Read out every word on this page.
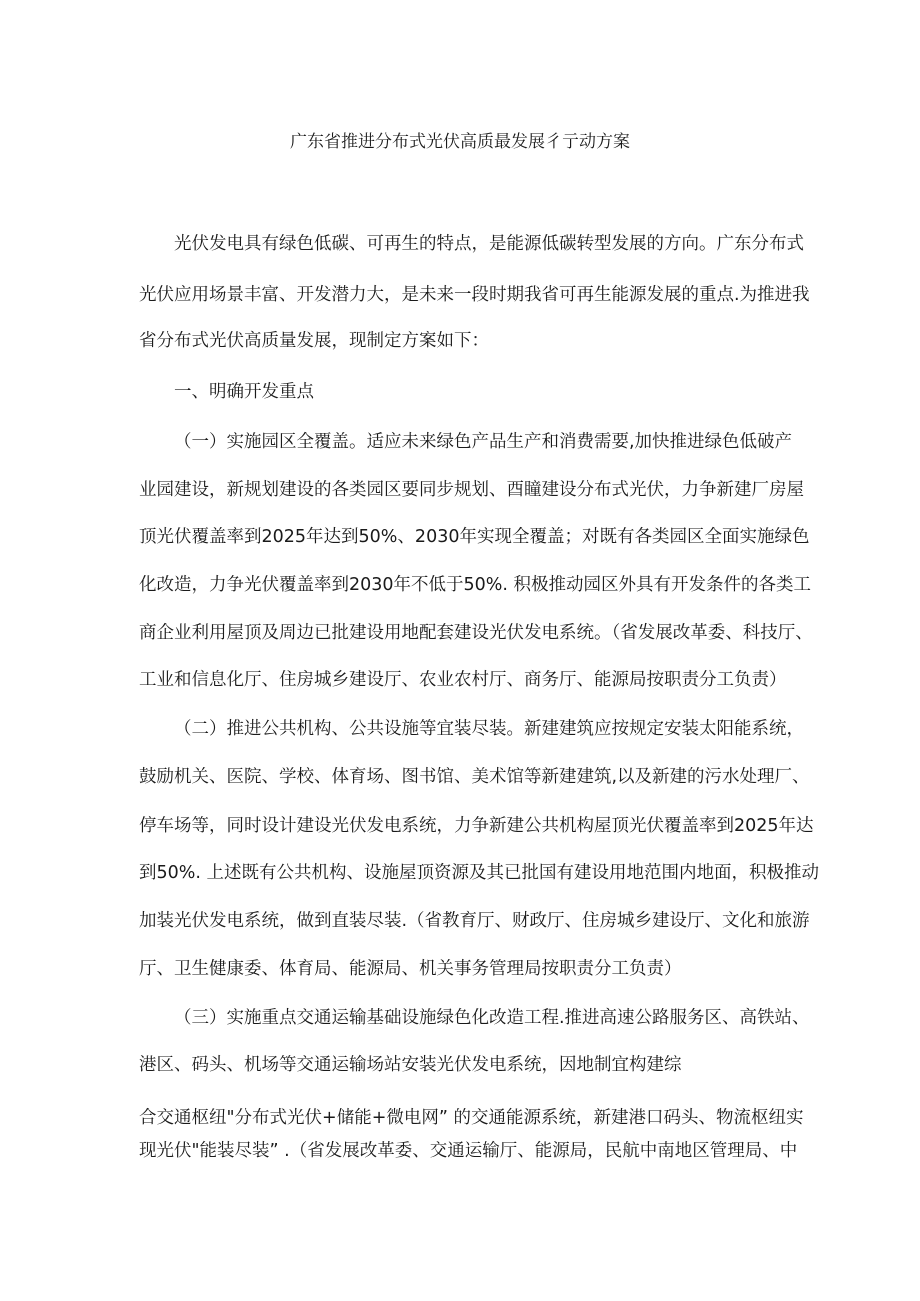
广东省推进分布式光伏高质最发展彳亍动方案
光伏发电具有绿色低碳、可再生的特点，是能源低碳转型发展的方向。广东分布式
光伏应用场景丰富、开发潜力大，是未来一段时期我省可再生能源发展的重点.为推进我
省分布式光伏高质量发展，现制定方案如下：
一、明确开发重点
（一）实施园区全覆盖。适应未来绿色产品生产和消费需要,加快推进绿色低破产
业园建设，新规划建设的各类园区要同步规划、酉瞳建设分布式光伏，力争新建厂房屋
顶光伏覆盖率到2025年达到50%、2030年实现全覆盖；对既有各类园区全面实施绿色
化改造，力争光伏覆盖率到2030年不低于50%. 积极推动园区外具有开发条件的各类工
商企业利用屋顶及周边已批建设用地配套建设光伏发电系统。（省发展改革委、科技厅、
工业和信息化厅、住房城乡建设厅、农业农村厅、商务厅、能源局按职责分工负责）
（二）推进公共机构、公共设施等宜装尽装。新建建筑应按规定安装太阳能系统，
鼓励机关、医院、学校、体育场、图书馆、美术馆等新建建筑,以及新建的污水处理厂、
停车场等，同时设计建设光伏发电系统，力争新建公共机构屋顶光伏覆盖率到2025年达
到50%. 上述既有公共机构、设施屋顶资源及其已批国有建设用地范围内地面，积极推动
加装光伏发电系统，做到直装尽装.（省教育厅、财政厅、住房城乡建设厅、文化和旅游
厅、卫生健康委、体育局、能源局、机关事务管理局按职责分工负责）
（三）实施重点交通运输基础设施绿色化改造工程.推进高速公路服务区、高铁站、
港区、码头、机场等交通运输场站安装光伏发电系统，因地制宜构建综
合交通枢纽"分布式光伏+储能+微电网” 的交通能源系统，新建港口码头、物流枢纽实
现光伏"能装尽装” .（省发展改革委、交通运输厅、能源局，民航中南地区管理局、中
